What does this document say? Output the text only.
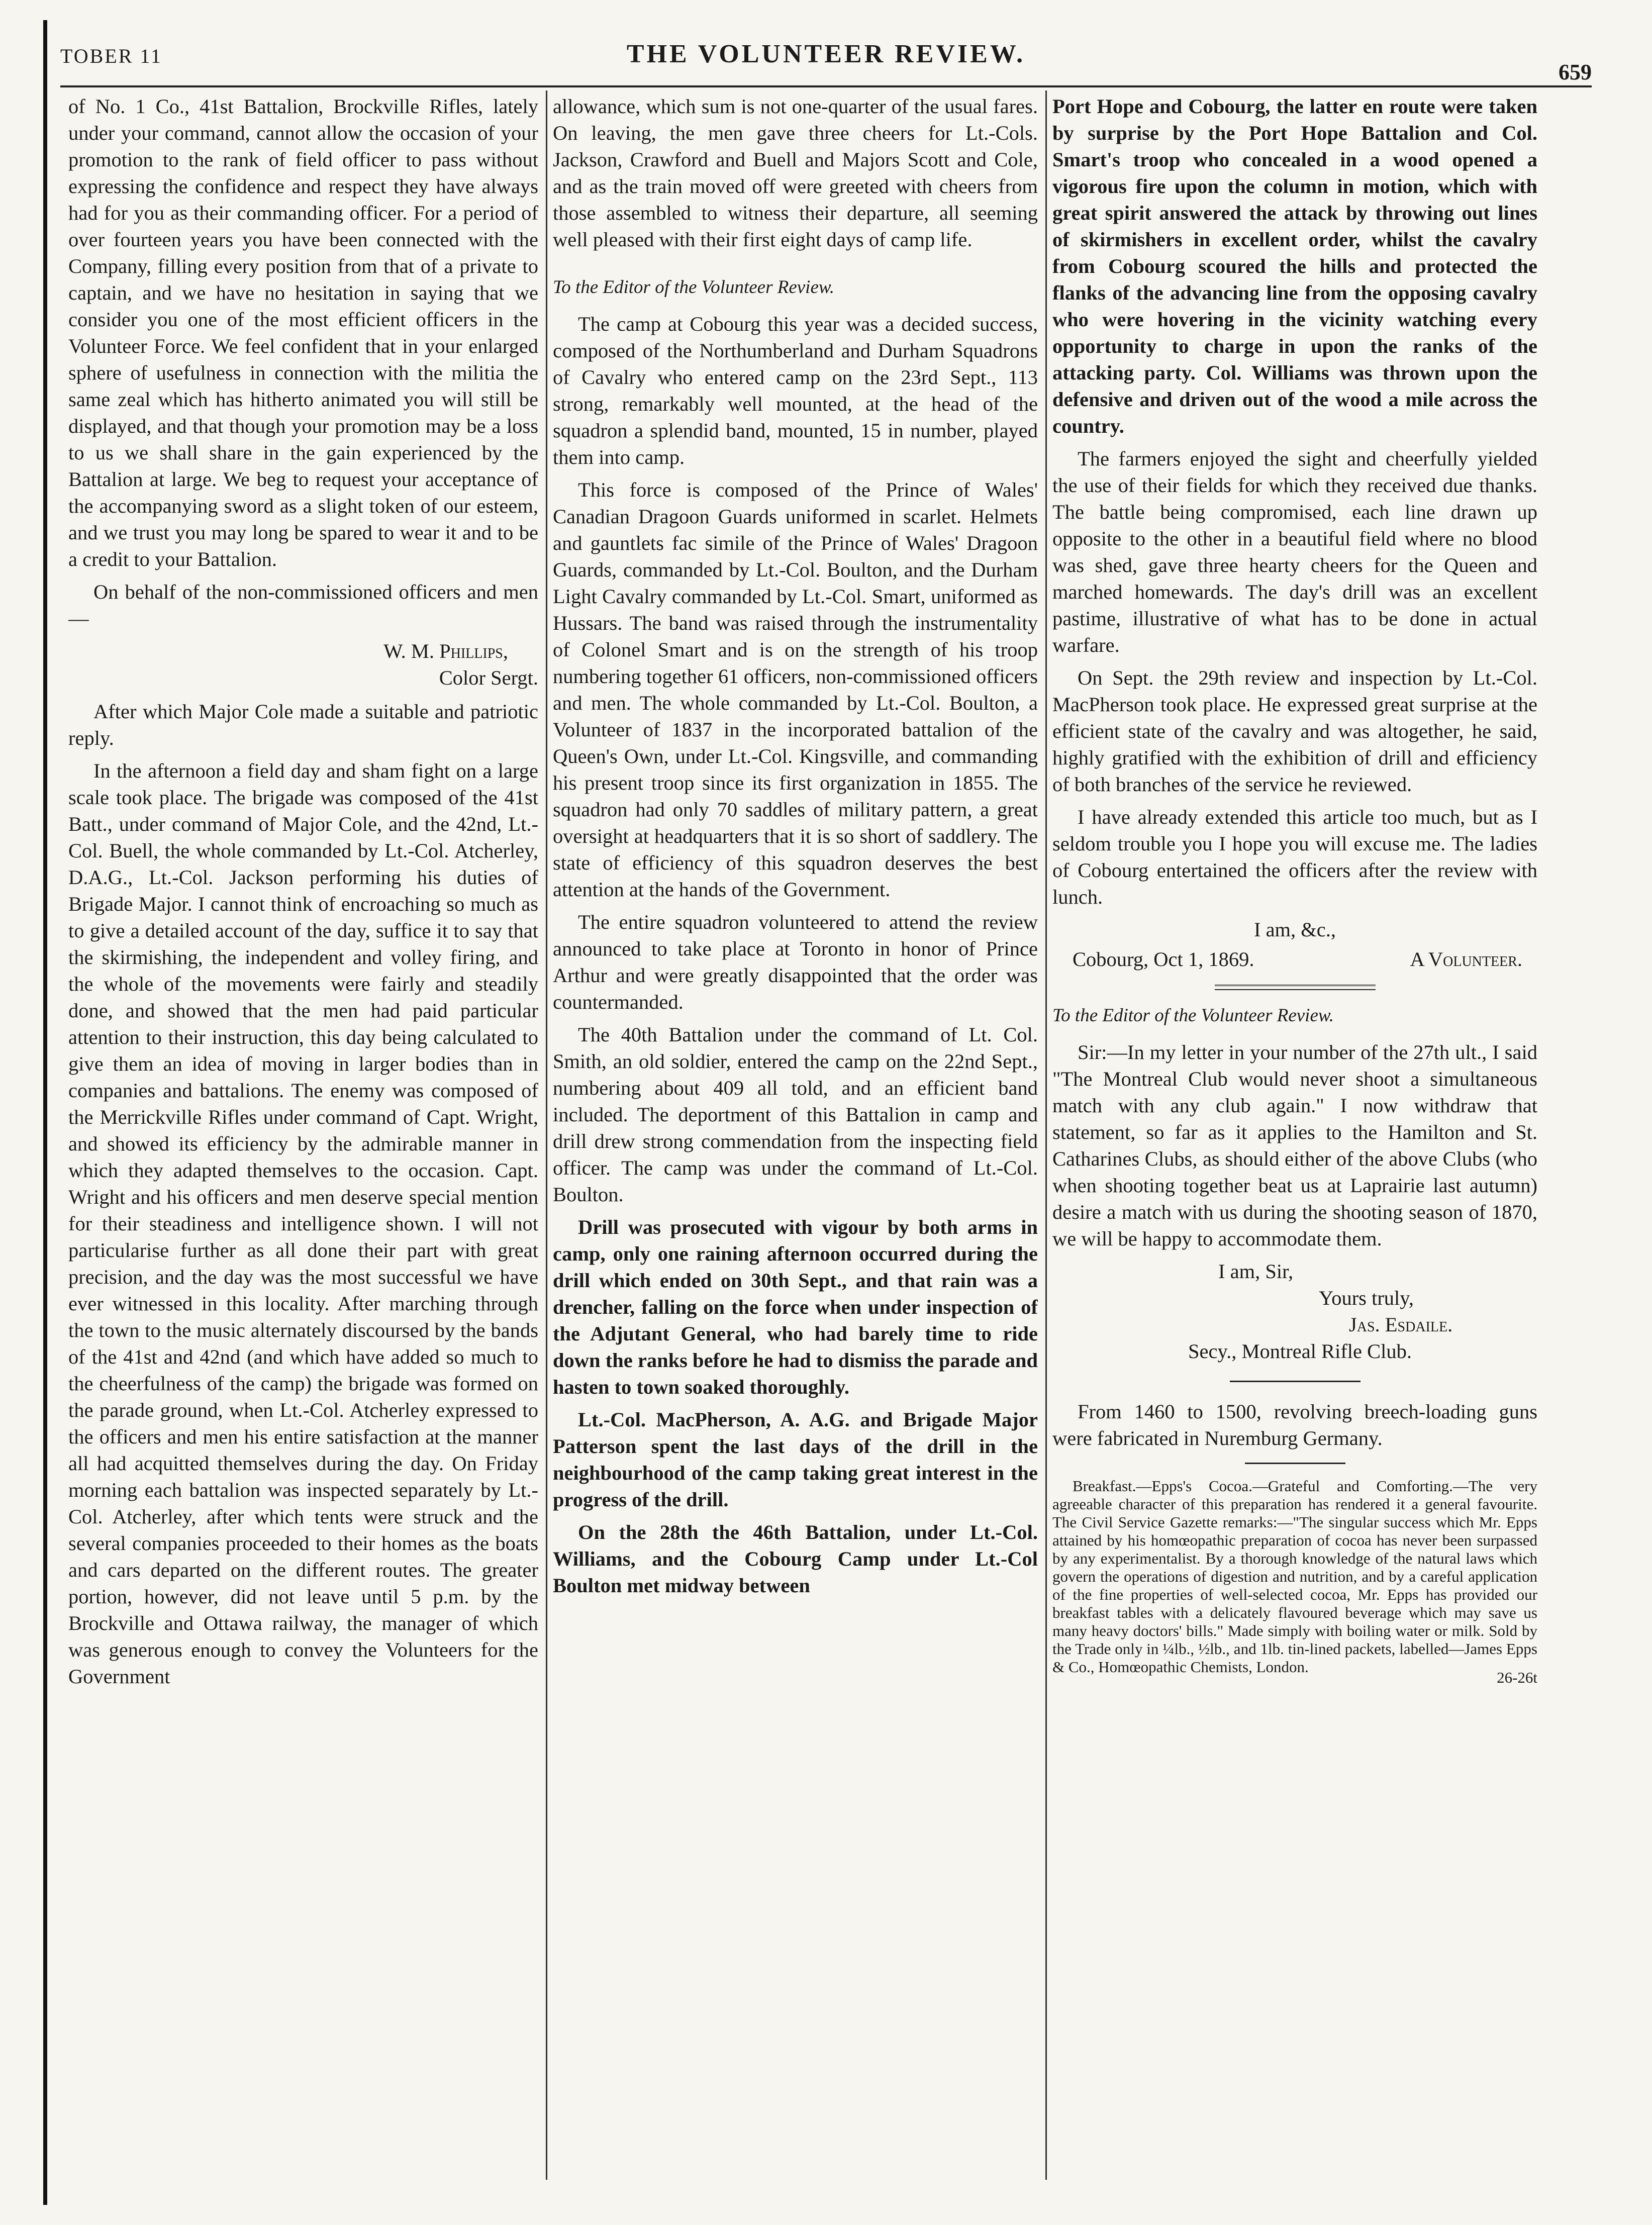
TOBER 11	THE VOLUNTEER REVIEW.
659

of No. 1 Co., 41st Battalion, Brockville Rifles, lately under your command, cannot allow the occasion of your promotion to the rank of field officer to pass without expressing the confidence and respect they have always had for you as their commanding officer. For a period of over fourteen years you have been connected with the Company, filling every position from that of a private to captain, and we have no hesitation in saying that we consider you one of the most efficient officers in the Volunteer Force. We feel confident that in your enlarged sphere of usefulness in connection with the militia the same zeal which has hitherto animated you will still be displayed, and that though your promotion may be a loss to us we shall share in the gain experienced by the Battalion at large. We beg to request your acceptance of the accompanying sword as a slight token of our esteem, and we trust you may long be spared to wear it and to be a credit to your Battalion.

On behalf of the non-commissioned officers and men—

W. M. Phillips,

Color Sergt.

After which Major Cole made a suitable and patriotic reply.

In the afternoon a field day and sham fight on a large scale took place. The brigade was composed of the 41st Batt., under command of Major Cole, and the 42nd, Lt.-Col. Buell, the whole commanded by Lt.-Col. Atcherley, D.A.G., Lt.-Col. Jackson performing his duties of Brigade Major. I cannot think of encroaching so much as to give a detailed account of the day, suffice it to say that the skirmishing, the independent and volley firing, and the whole of the movements were fairly and steadily done, and showed that the men had paid particular attention to their instruction, this day being calculated to give them an idea of moving in larger bodies than in companies and battalions. The enemy was composed of the Merrickville Rifles under command of Capt. Wright, and showed its efficiency by the admirable manner in which they adapted themselves to the occasion. Capt. Wright and his officers and men deserve special mention for their steadiness and intelligence shown. I will not particularise further as all done their part with great precision, and the day was the most successful we have ever witnessed in this locality. After marching through the town to the music alternately discoursed by the bands of the 41st and 42nd (and which have added so much to the cheerfulness of the camp) the brigade was formed on the parade ground, when Lt.-Col. Atcherley expressed to the officers and men his entire satisfaction at the manner all had acquitted themselves during the day. On Friday morning each battalion was inspected separately by Lt.-Col. Atcherley, after which tents were struck and the several companies proceeded to their homes as the boats and cars departed on the different routes. The greater portion, however, did not leave until 5 p.m. by the Brockville and Ottawa railway, the manager of which was generous enough to convey the Volunteers for the Government

allowance, which sum is not one-quarter of the usual fares. On leaving, the men gave three cheers for Lt.-Cols. Jackson, Crawford and Buell and Majors Scott and Cole, and as the train moved off were greeted with cheers from those assembled to witness their departure, all seeming well pleased with their first eight days of camp life.

To the Editor of the Volunteer Review.

The camp at Cobourg this year was a decided success, composed of the Northumberland and Durham Squadrons of Cavalry who entered camp on the 23rd Sept., 113 strong, remarkably well mounted, at the head of the squadron a splendid band, mounted, 15 in number, played them into camp.

This force is composed of the Prince of Wales' Canadian Dragoon Guards uniformed in scarlet. Helmets and gauntlets fac simile of the Prince of Wales' Dragoon Guards, commanded by Lt.-Col. Boulton, and the Durham Light Cavalry commanded by Lt.-Col. Smart, uniformed as Hussars. The band was raised through the instrumentality of Colonel Smart and is on the strength of his troop numbering together 61 officers, non-commissioned officers and men. The whole commanded by Lt.-Col. Boulton, a Volunteer of 1837 in the incorporated battalion of the Queen's Own, under Lt.-Col. Kingsville, and commanding his present troop since its first organization in 1855. The squadron had only 70 saddles of military pattern, a great oversight at headquarters that it is so short of saddlery. The state of efficiency of this squadron deserves the best attention at the hands of the Government.

The entire squadron volunteered to attend the review announced to take place at Toronto in honor of Prince Arthur and were greatly disappointed that the order was countermanded.

The 40th Battalion under the command of Lt. Col. Smith, an old soldier, entered the camp on the 22nd Sept., numbering about 409 all told, and an efficient band included. The deportment of this Battalion in camp and drill drew strong commendation from the inspecting field officer. The camp was under the command of Lt.-Col. Boulton.

Drill was prosecuted with vigour by both arms in camp, only one raining afternoon occurred during the drill which ended on 30th Sept., and that rain was a drencher, falling on the force when under inspection of the Adjutant General, who had barely time to ride down the ranks before he had to dismiss the parade and hasten to town soaked thoroughly.

Lt.-Col. MacPherson, A. A.G. and Brigade Major Patterson spent the last days of the drill in the neighbourhood of the camp taking great interest in the progress of the drill.

On the 28th the 46th Battalion, under Lt.-Col. Williams, and the Cobourg Camp under Lt.-Col Boulton met midway between

Port Hope and Cobourg, the latter en route were taken by surprise by the Port Hope Battalion and Col. Smart's troop who concealed in a wood opened a vigorous fire upon the column in motion, which with great spirit answered the attack by throwing out lines of skirmishers in excellent order, whilst the cavalry from Cobourg scoured the hills and protected the flanks of the advancing line from the opposing cavalry who were hovering in the vicinity watching every opportunity to charge in upon the ranks of the attacking party. Col. Williams was thrown upon the defensive and driven out of the wood a mile across the country.

The farmers enjoyed the sight and cheerfully yielded the use of their fields for which they received due thanks. The battle being compromised, each line drawn up opposite to the other in a beautiful field where no blood was shed, gave three hearty cheers for the Queen and marched homewards. The day's drill was an excellent pastime, illustrative of what has to be done in actual warfare.

On Sept. the 29th review and inspection by Lt.-Col. MacPherson took place. He expressed great surprise at the efficient state of the cavalry and was altogether, he said, highly gratified with the exhibition of drill and efficiency of both branches of the service he reviewed.

I have already extended this article too much, but as I seldom trouble you I hope you will excuse me. The ladies of Cobourg entertained the officers after the review with lunch.

I am, &c.,

Cobourg, Oct 1, 1869.	A Volunteer.

To the Editor of the Volunteer Review.

Sir:—In my letter in your number of the 27th ult., I said "The Montreal Club would never shoot a simultaneous match with any club again." I now withdraw that statement, so far as it applies to the Hamilton and St. Catharines Clubs, as should either of the above Clubs (who when shooting together beat us at Laprairie last autumn) desire a match with us during the shooting season of 1870, we will be happy to accommodate them.

I am, Sir,

Yours truly,

Jas. Esdaile.

Secy., Montreal Rifle Club.

From 1460 to 1500, revolving breech-loading guns were fabricated in Nuremburg Germany.

Breakfast.—Epps's Cocoa.—Grateful and Comforting.—The very agreeable character of this preparation has rendered it a general favourite. The Civil Service Gazette remarks:—"The singular success which Mr. Epps attained by his homœopathic preparation of cocoa has never been surpassed by any experimentalist. By a thorough knowledge of the natural laws which govern the operations of digestion and nutrition, and by a careful application of the fine properties of well-selected cocoa, Mr. Epps has provided our breakfast tables with a delicately flavoured beverage which may save us many heavy doctors' bills." Made simply with boiling water or milk. Sold by the Trade only in ¼lb., ½lb., and 1lb. tin-lined packets, labelled—James Epps & Co., Homœopathic Chemists, London.

26-26t
